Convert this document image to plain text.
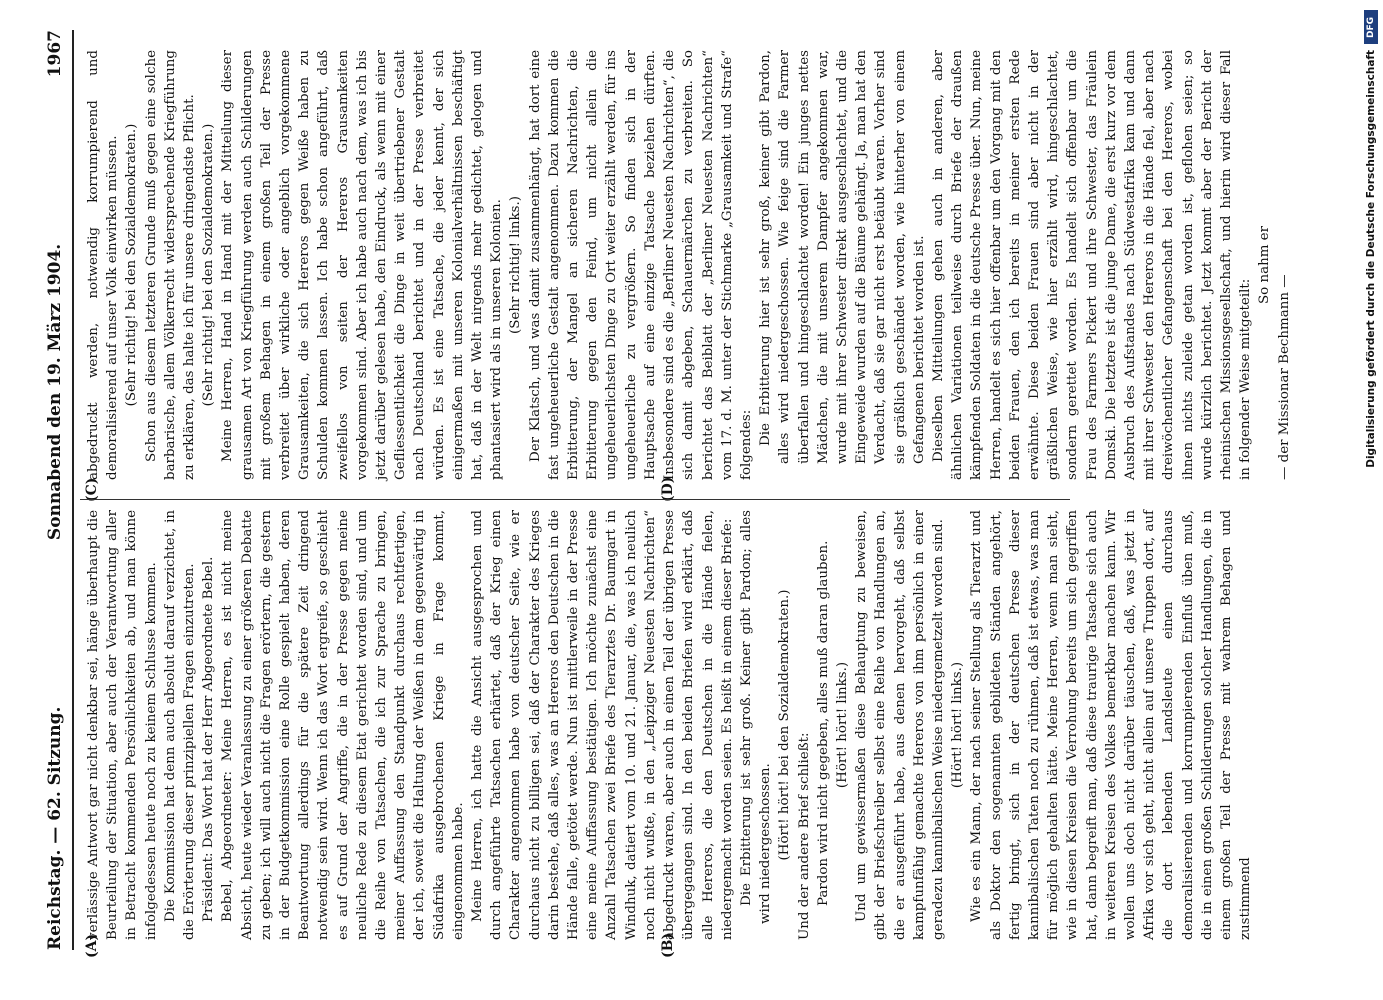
Reichstag. — 62. Sitzung.
Sonnabend den 19. März 1904.
1967
(A)	(B)
(C)	(D)

verlässige Antwort gar nicht denkbar sei, hänge überhaupt die Beurteilung der Situation, aber auch der Verantwortung aller in Betracht kommenden Persönlichkeiten ab, und man könne infolgedessen heute noch zu keinem Schlusse kommen. Die Kommission hat denn auch absolut darauf verzichtet, in die Erörterung dieser prinzipiellen Fragen einzutreten. Präsident: Das Wort hat der Herr Abgeordnete Bebel. Bebel, Abgeordneter: Meine Herren, es ist nicht meine Absicht, heute wieder Veranlassung zu einer größeren Debatte zu geben; ich will auch nicht die Fragen erörtern, die gestern in der Budgetkommission eine Rolle gespielt haben, deren Beantwortung allerdings für die spätere Zeit dringend notwendig sein wird. Wenn ich das Wort ergreife, so geschieht es auf Grund der Angriffe, die in der Presse gegen meine neuliche Rede zu diesem Etat gerichtet worden sind, und um die Reihe von Tatsachen, die ich zur Sprache zu bringen, meiner Auffassung den Standpunkt durchaus rechtfertigen, der ich, soweit die Haltung der Weißen in dem gegenwärtig in Südafrika ausgebrochenen Kriege in Frage kommt, eingenommen habe. Meine Herren, ich hatte die Ansicht ausgesprochen und durch angeführte Tatsachen erhärtet, daß der Krieg einen Charakter angenommen habe von deutscher Seite, wie er durchaus nicht zu billigen sei, daß der Charakter des Krieges darin bestehe, daß alles, was an Hereros den Deutschen in die Hände falle, getötet werde. Nun ist mittlerweile in der Presse eine meine Auffassung bestätigen. Ich möchte zunächst eine Anzahl Tatsachen zwei Briefe des Tierarztes Dr. Baumgart in Windhuk, datiert vom 10. und 21. Januar, die, was ich neulich noch nicht wußte, in den „Leipziger Neuesten Nachrichten“ abgedruckt waren, aber auch in einen Teil der übrigen Presse übergegangen sind. In den beiden Briefen wird erklärt, daß alle Hereros, die den Deutschen in die Hände fielen, niedergemacht worden seien. Es heißt in einem dieser Briefe: Die Erbitterung ist sehr groß. Keiner gibt Pardon; alles wird niedergeschossen. (Hört! hört! bei den Sozialdemokraten.) Und der andere Brief schließt: Pardon wird nicht gegeben, alles muß daran glauben. (Hört! hört! links.) Und um gewissermaßen diese Behauptung zu beweisen, gibt der Briefschreiber selbst eine Reihe von Handlungen an, die er ausgeführt habe, aus denen hervorgeht, daß selbst kampfunfähig gemachte Hereros von ihm persönlich in einer geradezu kannibalischen Weise niedergemetzelt worden sind. (Hört! hört! links.) Wie es ein Mann, der nach seiner Stellung als Tierarzt und als Doktor den sogenannten gebildeten Ständen angehört, fertig bringt, sich in der deutschen Presse dieser kannibalischen Taten noch zu rühmen, daß ist etwas, was man für möglich gehalten hätte. Meine Herren, wenn man sieht, wie in diesen Kreisen die Verrohung bereits um sich gegriffen hat, dann begreift man, daß diese traurige Tatsache sich auch in weiteren Kreisen des Volkes bemerkbar machen kann. Wir wollen uns doch nicht darüber täuschen, daß, was jetzt in Afrika vor sich geht, nicht allein auf unsere Truppen dort, auf die dort lebenden Landsleute einen durchaus demoralisierenden und korrumpierenden Einfluß üben muß, die in einen großen Schilderungen solcher Handlungen, die in einem großen Teil der Presse mit wahrem Behagen und zustimmend

abgedruckt werden, notwendig korrumpierend und demoralisierend auf unser Volk einwirken müssen. (Sehr richtig! bei den Sozialdemokraten.) Schon aus diesem letzteren Grunde muß gegen eine solche barbarische, allem Völkerrecht widersprechende Kriegführung zu erklären, das halte ich für unsere dringendste Pflicht. (Sehr richtig! bei den Sozialdemokraten.) Meine Herren, Hand in Hand mit der Mitteilung dieser grausamen Art von Kriegführung werden auch Schilderungen mit großem Behagen in einem großen Teil der Presse verbreitet über wirkliche oder angeblich vorgekommene Grausamkeiten, die sich Hereros gegen Weiße haben zu Schulden kommen lassen. Ich habe schon angeführt, daß zweifellos von seiten der Hereros Grausamkeiten vorgekommen sind. Aber ich habe auch nach dem, was ich bis jetzt darüber gelesen habe, den Eindruck, als wenn mit einer Gefliessentlichkeit die Dinge in weit übertriebener Gestalt nach Deutschland berichtet und in der Presse verbreitet würden. Es ist eine Tatsache, die jeder kennt, der sich einigermaßen mit unseren Kolonialverhältnissen beschäftigt hat, daß in der Welt nirgends mehr gedichtet, gelogen und phantasiert wird als in unseren Kolonien. (Sehr richtig! links.) Der Klatsch, und was damit zusammenhängt, hat dort eine fast ungeheuerliche Gestalt angenommen. Dazu kommen die Erbitterung, der Mangel an sicheren Nachrichten, die Erbitterung gegen den Feind, um nicht allein die ungeheuerlichsten Dinge zu Ort weiter erzählt werden, für ins ungeheuerliche zu vergrößern. So finden sich in der Hauptsache auf eine einzige Tatsache beziehen dürften. Insbesondere sind es die „Berliner Neuesten Nachrichten“, die sich damit abgeben, Schauermärchen zu verbreiten. So berichtet das Beiblatt der „Berliner Neuesten Nachrichten“ vom 17. d. M. unter der Stichmarke „Grausamkeit und Strafe“ folgendes: Die Erbitterung hier ist sehr groß, keiner gibt Pardon, alles wird niedergeschossen. Wie feige sind die Farmer überfallen und hingeschlachtet worden! Ein junges nettes Mädchen, die mit unserem Dampfer angekommen war, wurde mit ihrer Schwester direkt ausgeschlachtet, und die Eingeweide wurden auf die Bäume gehängt. Ja, man hat den Verdacht, daß sie gar nicht erst betäubt waren. Vorher sind sie gräßlich geschändet worden, wie hinterher von einem Gefangenen berichtet worden ist. Dieselben Mitteilungen gehen auch in anderen, aber ähnlichen Variationen teilweise durch Briefe der draußen kämpfenden Soldaten in die deutsche Presse über. Nun, meine Herren, handelt es sich hier offenbar um den Vorgang mit den beiden Frauen, den ich bereits in meiner ersten Rede erwähnte. Diese beiden Frauen sind aber nicht in der gräßlichen Weise, wie hier erzählt wird, hingeschlachtet, sondern gerettet worden. Es handelt sich offenbar um die Frau des Farmers Pickert und ihre Schwester, das Fräulein Domski. Die letztere ist die junge Dame, die erst kurz vor dem Ausbruch des Aufstandes nach Südwestafrika kam und dann mit ihrer Schwester den Hereros in die Hände fiel, aber nach dreiwöchentlicher Gefangenschaft bei den Hereros, wobei ihnen nichts zuleide getan worden ist, geflohen seien; so wurde kürzlich berichtet. Jetzt kommt aber der Bericht der rheinischen Missionsgesellschaft, und hierin wird dieser Fall in folgender Weise mitgeteilt:

So nahm er

— der Missionar Bechmann —

DFG
Digitalisierung gefördert durch die Deutsche Forschungsgemeinschaft
